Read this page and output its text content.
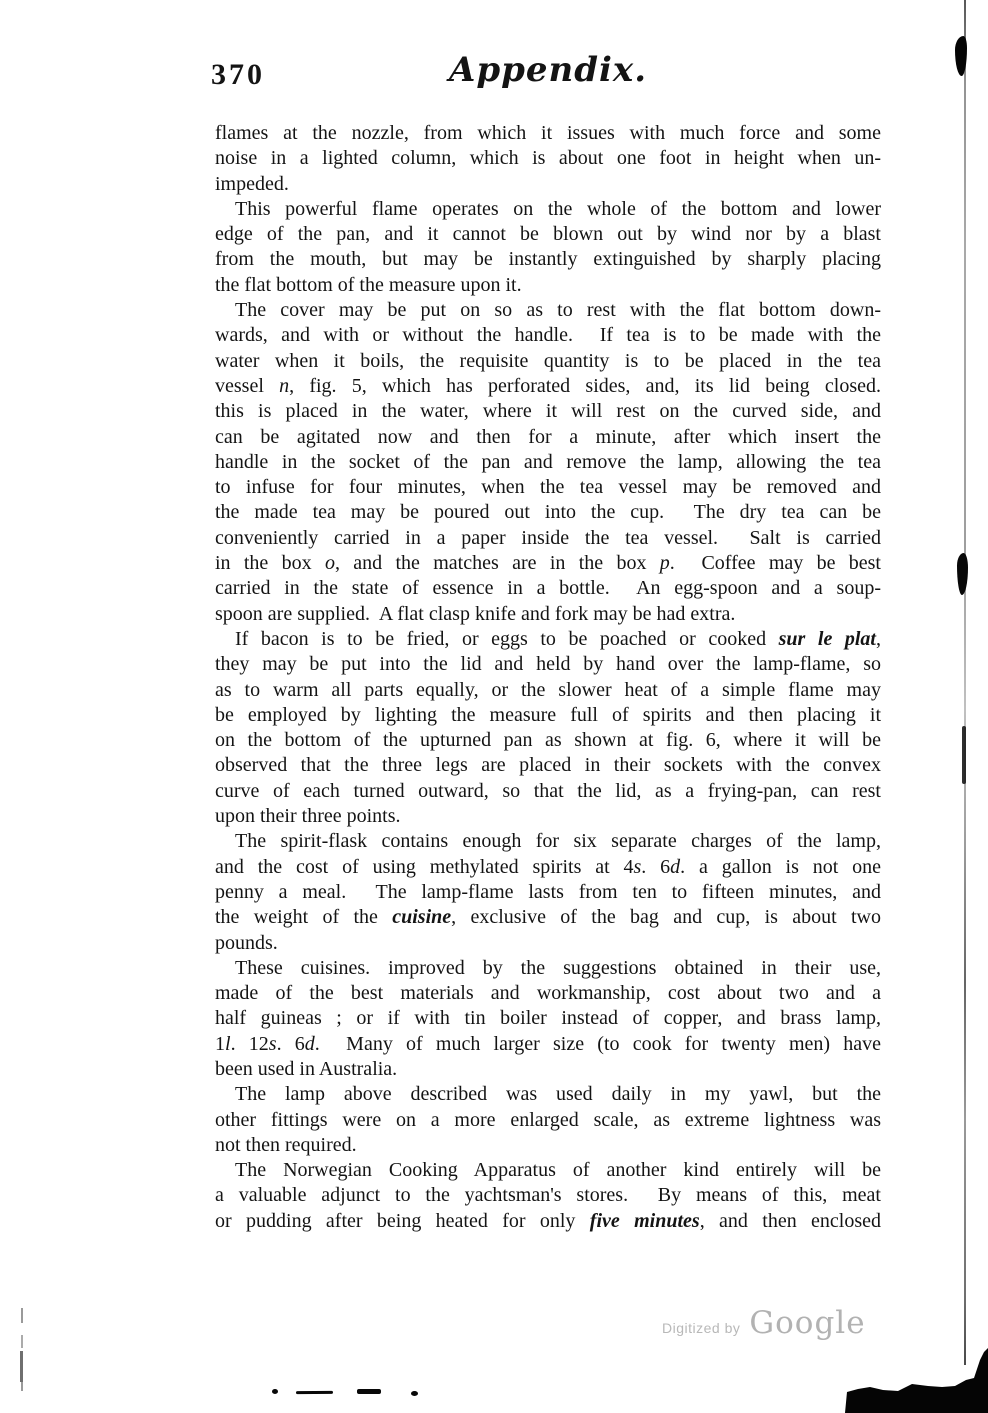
370	Appendix.
flames at the nozzle, from which it issues with much force and some
noise in a lighted column, which is about one foot in height when un-
impeded.
This powerful flame operates on the whole of the bottom and lower
edge of the pan, and it cannot be blown out by wind nor by a blast
from the mouth, but may be instantly extinguished by sharply placing
the flat bottom of the measure upon it.
The cover may be put on so as to rest with the flat bottom down-
wards, and with or without the handle.  If tea is to be made with the
water when it boils, the requisite quantity is to be placed in the tea
vessel n, fig. 5, which has perforated sides, and, its lid being closed.
this is placed in the water, where it will rest on the curved side, and
can be agitated now and then for a minute, after which insert the
handle in the socket of the pan and remove the lamp, allowing the tea
to infuse for four minutes, when the tea vessel may be removed and
the made tea may be poured out into the cup.  The dry tea can be
conveniently carried in a paper inside the tea vessel.  Salt is carried
in the box o, and the matches are in the box p.  Coffee may be best
carried in the state of essence in a bottle.  An egg-spoon and a soup-
spoon are supplied.  A flat clasp knife and fork may be had extra.
If bacon is to be fried, or eggs to be poached or cooked sur le plat,
they may be put into the lid and held by hand over the lamp-flame, so
as to warm all parts equally, or the slower heat of a simple flame may
be employed by lighting the measure full of spirits and then placing it
on the bottom of the upturned pan as shown at fig. 6, where it will be
observed that the three legs are placed in their sockets with the convex
curve of each turned outward, so that the lid, as a frying-pan, can rest
upon their three points.
The spirit-flask contains enough for six separate charges of the lamp,
and the cost of using methylated spirits at 4s. 6d. a gallon is not one
penny a meal.  The lamp-flame lasts from ten to fifteen minutes, and
the weight of the cuisine, exclusive of the bag and cup, is about two
pounds.
These cuisines. improved by the suggestions obtained in their use,
made of the best materials and workmanship, cost about two and a
half guineas ; or if with tin boiler instead of copper, and brass lamp,
1l. 12s. 6d.  Many of much larger size (to cook for twenty men) have
been used in Australia.
The lamp above described was used daily in my yawl, but the
other fittings were on a more enlarged scale, as extreme lightness was
not then required.
The Norwegian Cooking Apparatus of another kind entirely will be
a valuable adjunct to the yachtsman's stores.  By means of this, meat
or pudding after being heated for only five minutes, and then enclosed
Digitized by Google
